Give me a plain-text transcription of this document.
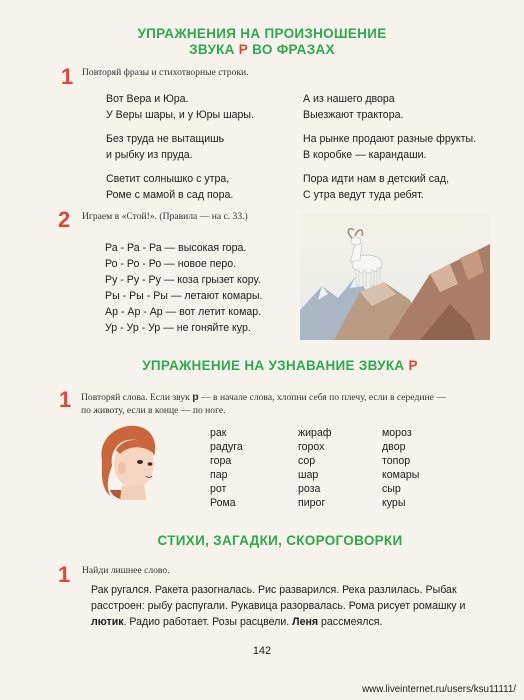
УПРАЖНЕНИЯ НА ПРОИЗНОШЕНИЕ
ЗВУКА Р ВО ФРАЗАХ
1 Повторяй фразы и стихотворные строки.
Вот Вера и Юра.
У Веры шары, и у Юры шары.
Без труда не вытащишь
и рыбку из пруда.
Светит солнышко с утра,
Роме с мамой в сад пора.
А из нашего двора
Выезжают трактора.
На рынке продают разные фрукты.
В коробке — карандаши.
Пора идти нам в детский сад,
С утра ведут туда ребят.
2 Играем в «Стой!». (Правила — на с. 33.)
Ра - Ра - Ра — высокая гора.
Ро - Ро - Ро — новое перо.
Ру - Ру - Ру — коза грызет кору.
Ры - Ры - Ры — летают комары.
Ар - Ар - Ар — вот летит комар.
Ур - Ур - Ур — не гоняйте кур.
УПРАЖНЕНИЕ НА УЗНАВАНИЕ ЗВУКА Р
1 Повторяй слова. Если звук р — в начале слова, хлопни себя по плечу, если в середине —
по животу, если в конце — по ноге.
рак
радуга
гора
пар
рот
Рома
жираф
горох
сор
шар
роза
пирог
мороз
двор
топор
комары
сыр
куры
СТИХИ, ЗАГАДКИ, СКОРОГОВОРКИ
1 Найди лишнее слово.
Рак ругался. Ракета разогналась. Рис разварился. Река разлилась. Рыбак
расстроен: рыбу распугали. Рукавица разорвалась. Рома рисует ромашку и
лютик. Радио работает. Розы расцвели. Леня рассмеялся.
142
www.liveinternet.ru/users/ksu11111/
